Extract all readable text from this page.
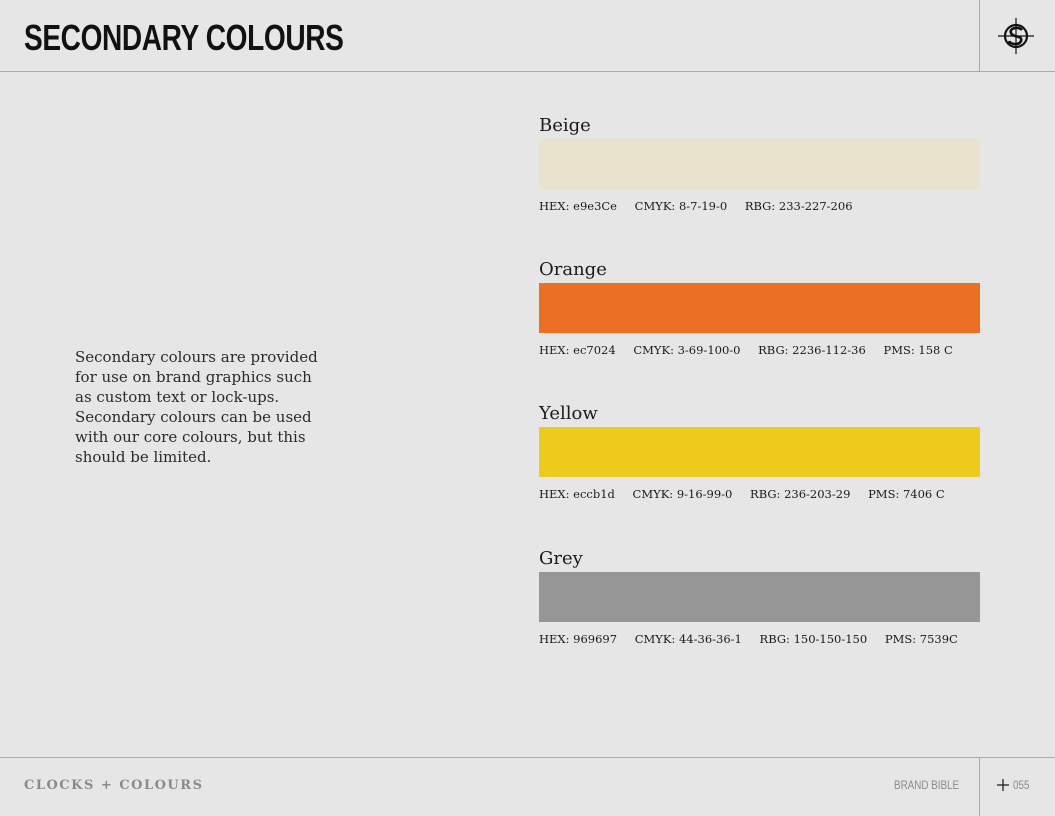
SECONDARY COLOURS
Secondary colours are provided
for use on brand graphics such
as custom text or lock-ups.
Secondary colours can be used
with our core colours, but this
should be limited.
Beige
HEX: e9e3Ce CMYK: 8-7-19-0 RBG: 233-227-206
Orange
HEX: ec7024 CMYK: 3-69-100-0 RBG: 2236-112-36 PMS: 158 C
Yellow
HEX: eccb1d CMYK: 9-16-99-0 RBG: 236-203-29 PMS: 7406 C
Grey
HEX: 969697 CMYK: 44-36-36-1 RBG: 150-150-150 PMS: 7539C
CLOCKS + COLOURS	BRAND BIBLE	055
